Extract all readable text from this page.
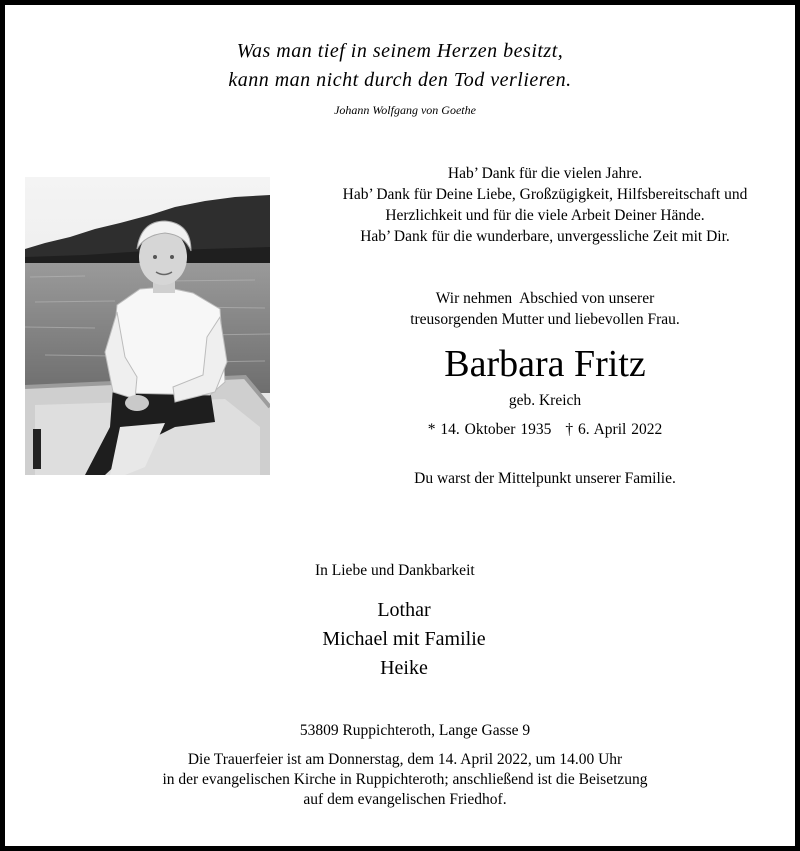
Was man tief in seinem Herzen besitzt,
kann man nicht durch den Tod verlieren.
Johann Wolfgang von Goethe
Hab’ Dank für die vielen Jahre.
Hab’ Dank für Deine Liebe, Großzügigkeit, Hilfsbereitschaft und
Herzlichkeit und für die viele Arbeit Deiner Hände.
Hab’ Dank für die wunderbare, unvergessliche Zeit mit Dir.
Wir nehmen  Abschied von unserer
treusorgenden Mutter und liebevollen Frau.
Barbara Fritz
geb. Kreich
* 14. Oktober 1935 † 6. April 2022
Du warst der Mittelpunkt unserer Familie.
In Liebe und Dankbarkeit
Lothar
Michael mit Familie
Heike
53809 Ruppichteroth, Lange Gasse 9
Die Trauerfeier ist am Donnerstag, dem 14. April 2022, um 14.00 Uhr
in der evangelischen Kirche in Ruppichteroth; anschließend ist die Beisetzung
auf dem evangelischen Friedhof.
